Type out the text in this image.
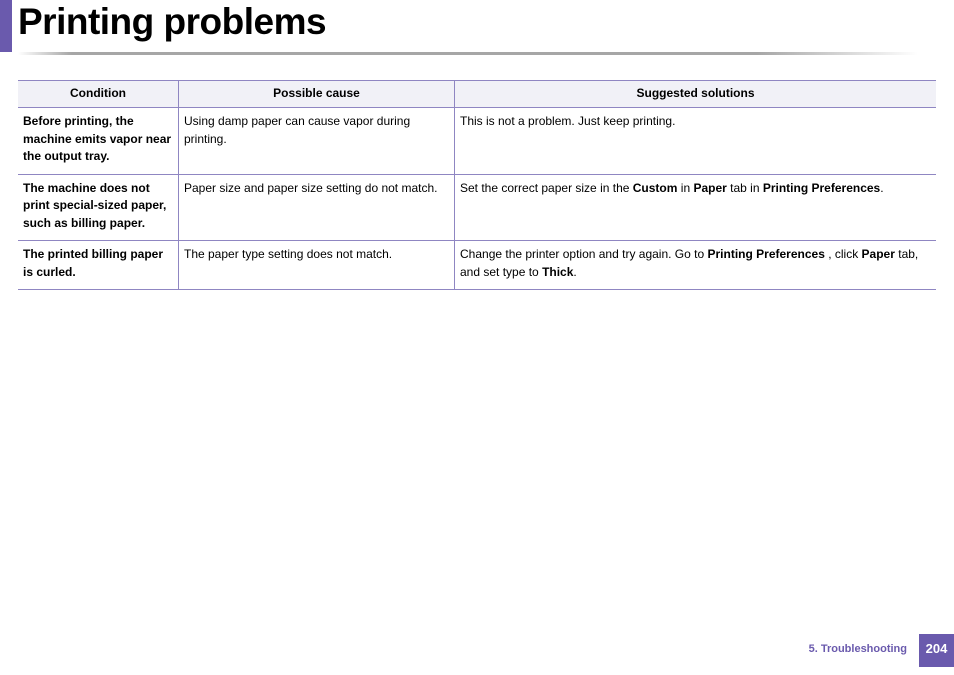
Printing problems
Condition	Possible cause	Suggested solutions
Before printing, the machine emits vapor near the output tray.	Using damp paper can cause vapor during printing.	This is not a problem. Just keep printing.
The machine does not print special-sized paper, such as billing paper.	Paper size and paper size setting do not match.	Set the correct paper size in the Custom in Paper tab in Printing Preferences.
The printed billing paper is curled.	The paper type setting does not match.	Change the printer option and try again. Go to Printing Preferences , click Paper tab, and set type to Thick.
5. Troubleshooting	204
